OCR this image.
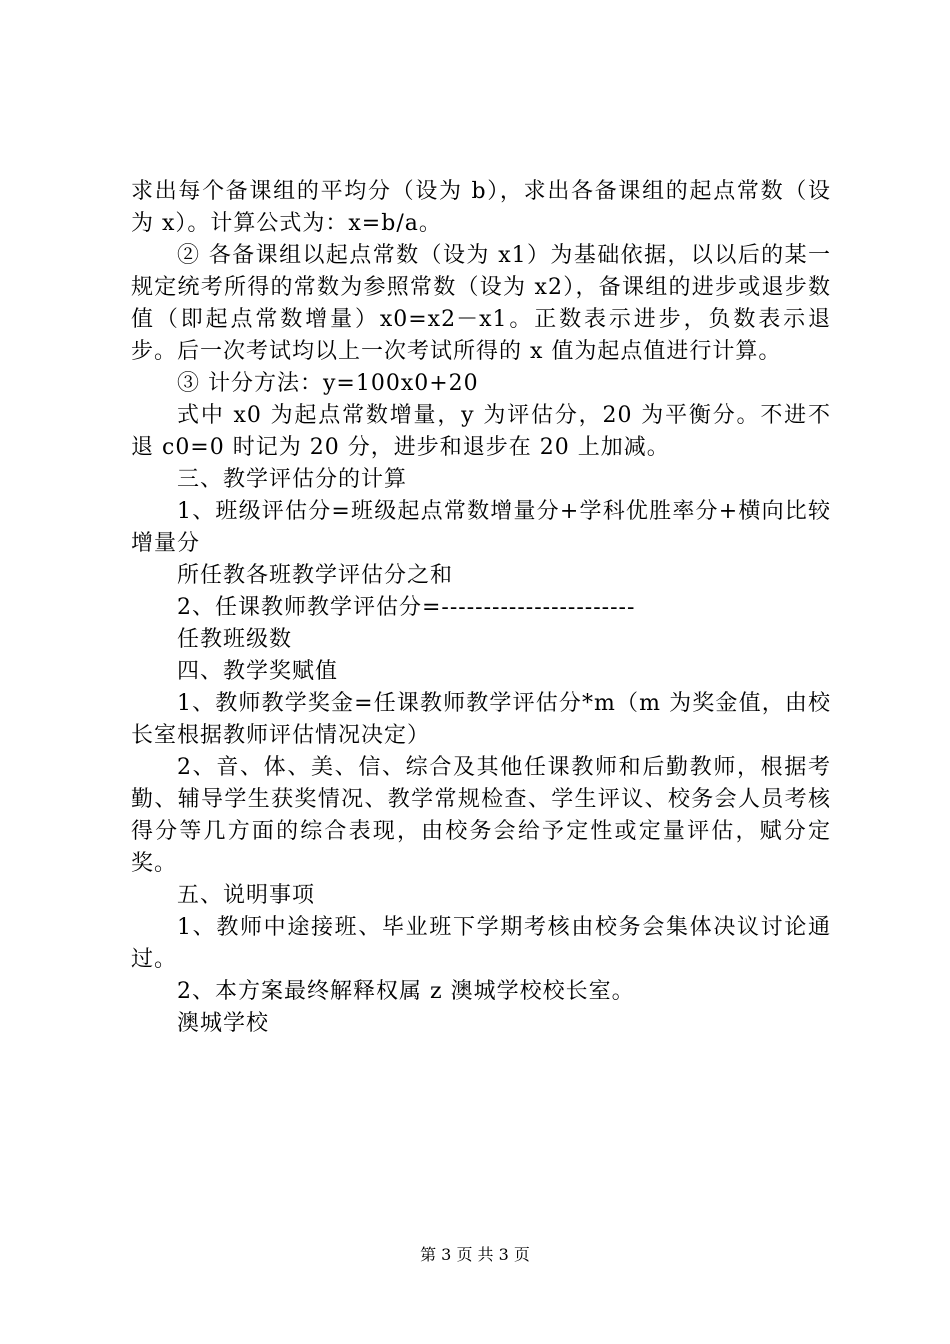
求出每个备课组的平均分（设为 b），求出各备课组的起点常数（设为 x）。计算公式为：x=b/a。

② 各备课组以起点常数（设为 x1）为基础依据，以以后的某一规定统考所得的常数为参照常数（设为 x2），备课组的进步或退步数值（即起点常数增量）x0=x2－x1。正数表示进步，负数表示退步。后一次考试均以上一次考试所得的 x 值为起点值进行计算。

③ 计分方法：y=100x0+20

式中 x0 为起点常数增量，y 为评估分，20 为平衡分。不进不退 c0=0 时记为 20 分，进步和退步在 20 上加减。

三、教学评估分的计算

1、班级评估分=班级起点常数增量分+学科优胜率分+横向比较增量分

所任教各班教学评估分之和

2、任课教师教学评估分=-----------------------

任教班级数

四、教学奖赋值

1、教师教学奖金=任课教师教学评估分*m（m 为奖金值，由校长室根据教师评估情况决定）

2、音、体、美、信、综合及其他任课教师和后勤教师，根据考勤、辅导学生获奖情况、教学常规检查、学生评议、校务会人员考核得分等几方面的综合表现，由校务会给予定性或定量评估，赋分定奖。

五、说明事项

1、教师中途接班、毕业班下学期考核由校务会集体决议讨论通过。

2、本方案最终解释权属 z 澳城学校校长室。

澳城学校

第 3 页 共 3 页
